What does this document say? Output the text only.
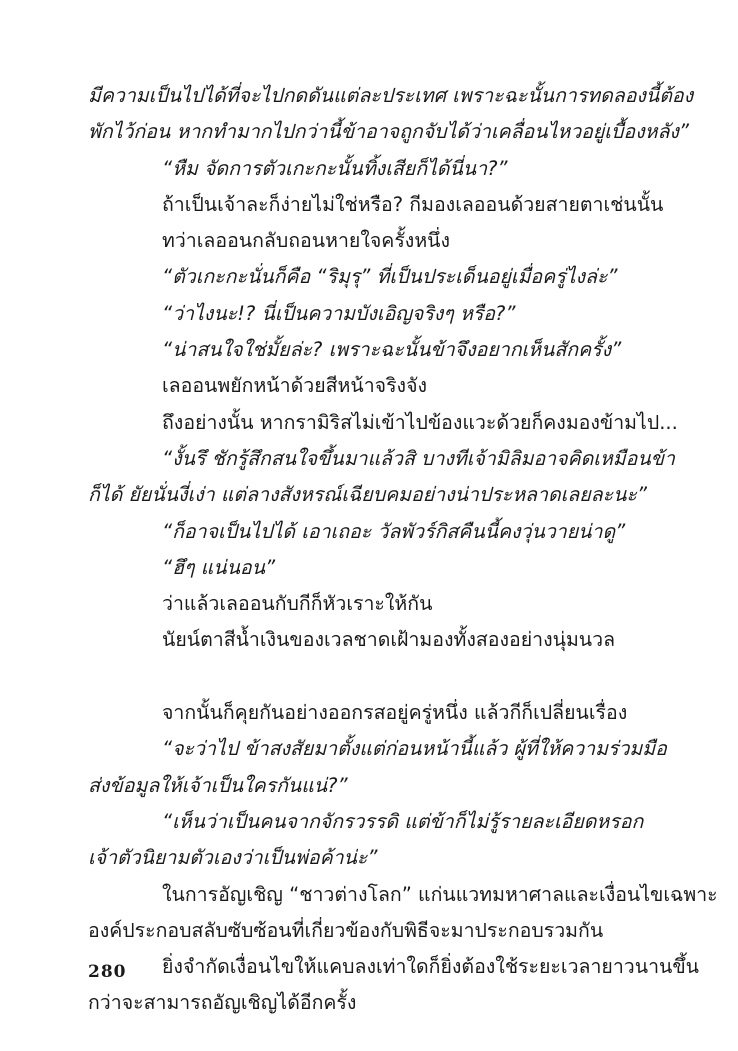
มีความเป็นไปได้ที่จะไปกดดันแต่ละประเทศ เพราะฉะนั้นการทดลองนี้ต้อง
พักไว้ก่อน หากทำมากไปกว่านี้ข้าอาจถูกจับได้ว่าเคลื่อนไหวอยู่เบื้องหลัง”
“หืม จัดการตัวเกะกะนั้นทิ้งเสียก็ได้นี่นา?”
ถ้าเป็นเจ้าละก็ง่ายไม่ใช่หรือ? กีมองเลออนด้วยสายตาเช่นนั้น
ทว่าเลออนกลับถอนหายใจครั้งหนึ่ง
“ตัวเกะกะนั่นก็คือ “ริมุรุ” ที่เป็นประเด็นอยู่เมื่อครู่ไงล่ะ”
“ว่าไงนะ!? นี่เป็นความบังเอิญจริงๆ หรือ?”
“น่าสนใจใช่มั้ยล่ะ? เพราะฉะนั้นข้าจึงอยากเห็นสักครั้ง”
เลออนพยักหน้าด้วยสีหน้าจริงจัง
ถึงอย่างนั้น หากรามิริสไม่เข้าไปข้องแวะด้วยก็คงมองข้ามไป...
“งั้นรึ ชักรู้สึกสนใจขึ้นมาแล้วสิ บางทีเจ้ามิลิมอาจคิดเหมือนข้า
ก็ได้ ยัยนั่นงี่เง่า แต่ลางสังหรณ์เฉียบคมอย่างน่าประหลาดเลยละนะ”
“ก็อาจเป็นไปได้ เอาเถอะ วัลพัวร์กิสคืนนี้คงวุ่นวายน่าดู”
“ฮึๆ แน่นอน”
ว่าแล้วเลออนกับกีก็หัวเราะให้กัน
นัยน์ตาสีน้ำเงินของเวลชาดเฝ้ามองทั้งสองอย่างนุ่มนวล
จากนั้นก็คุยกันอย่างออกรสอยู่ครู่หนึ่ง แล้วกีก็เปลี่ยนเรื่อง
“จะว่าไป ข้าสงสัยมาตั้งแต่ก่อนหน้านี้แล้ว ผู้ที่ให้ความร่วมมือ
ส่งข้อมูลให้เจ้าเป็นใครกันแน่?”
“เห็นว่าเป็นคนจากจักรวรรดิ แต่ข้าก็ไม่รู้รายละเอียดหรอก
เจ้าตัวนิยามตัวเองว่าเป็นพ่อค้าน่ะ”
ในการอัญเชิญ “ชาวต่างโลก” แก่นแวทมหาศาลและเงื่อนไขเฉพาะ
องค์ประกอบสลับซับซ้อนที่เกี่ยวข้องกับพิธีจะมาประกอบรวมกัน
ยิ่งจำกัดเงื่อนไขให้แคบลงเท่าใดก็ยิ่งต้องใช้ระยะเวลายาวนานขึ้น
กว่าจะสามารถอัญเชิญได้อีกครั้ง
280
